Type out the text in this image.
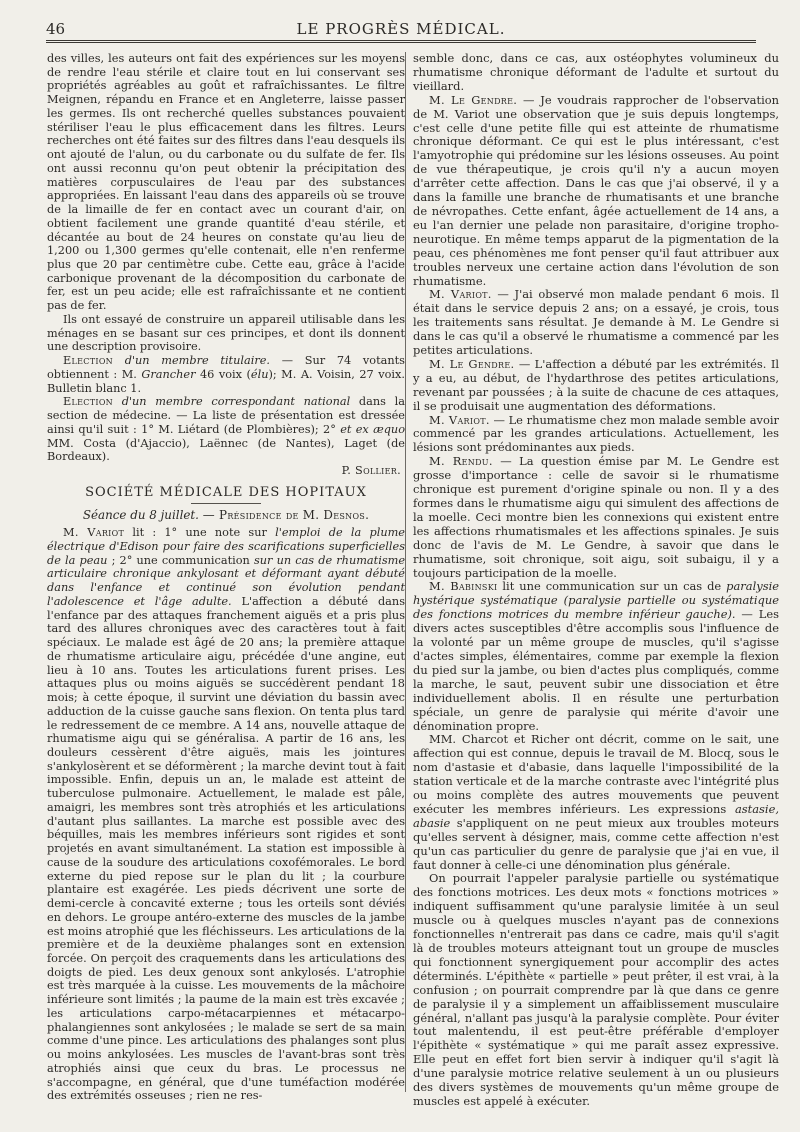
46	LE PROGRÈS MÉDICAL.

des villes, les auteurs ont fait des expériences sur les moyens de rendre l'eau stérile et claire tout en lui conservant ses propriétés agréables au goût et rafraîchissantes. Le filtre Meignen, répandu en France et en Angleterre, laisse passer les germes. Ils ont recherché quelles substances pouvaient stériliser l'eau le plus efficacement dans les filtres. Leurs recherches ont été faites sur des filtres dans l'eau desquels ils ont ajouté de l'alun, ou du carbonate ou du sulfate de fer. Ils ont aussi reconnu qu'on peut obtenir la précipitation des matières corpusculaires de l'eau par des substances appropriées. En laissant l'eau dans des appareils où se trouve de la limaille de fer en contact avec un courant d'air, on obtient facilement une grande quantité d'eau stérile, et décantée au bout de 24 heures on constate qu'au lieu de 1,200 ou 1,300 germes qu'elle contenait, elle n'en renferme plus que 20 par centimètre cube. Cette eau, grâce à l'acide carbonique provenant de la décomposition du carbonate de fer, est un peu acide; elle est rafraîchissante et ne contient pas de fer.

Ils ont essayé de construire un appareil utilisable dans les ménages en se basant sur ces principes, et dont ils donnent une description provisoire.

Election d'un membre titulaire. — Sur 74 votants obtiennent : M. Grancher 46 voix (élu); M. A. Voisin, 27 voix. Bulletin blanc 1.

Election d'un membre correspondant national dans la section de médecine. — La liste de présentation est dressée ainsi qu'il suit : 1° M. Liétard (de Plombières); 2° et ex æquo MM. Costa (d'Ajaccio), Laënnec (de Nantes), Laget (de Bordeaux).

P. Sollier.
SOCIÉTÉ MÉDICALE DES HOPITAUX
Séance du 8 juillet. — Présidence de M. Desnos.

M. Variot lit : 1° une note sur l'emploi de la plume électrique d'Edison pour faire des scarifications superficielles de la peau ; 2° une communication sur un cas de rhumatisme articulaire chronique ankylosant et déformant ayant débuté dans l'enfance et continué son évolution pendant l'adolescence et l'âge adulte. L'affection a débuté dans l'enfance par des attaques franchement aiguës et a pris plus tard des allures chroniques avec des caractères tout à fait spéciaux. Le malade est âgé de 20 ans; la première attaque de rhumatisme articulaire aigu, précédée d'une angine, eut lieu à 10 ans. Toutes les articulations furent prises. Les attaques plus ou moins aiguës se succédèrent pendant 18 mois; à cette époque, il survint une déviation du bassin avec adduction de la cuisse gauche sans flexion. On tenta plus tard le redressement de ce membre. A 14 ans, nouvelle attaque de rhumatisme aigu qui se généralisa. A partir de 16 ans, les douleurs cessèrent d'être aiguës, mais les jointures s'ankylosèrent et se déformèrent ; la marche devint tout à fait impossible. Enfin, depuis un an, le malade est atteint de tuberculose pulmonaire. Actuellement, le malade est pâle, amaigri, les membres sont très atrophiés et les articulations d'autant plus saillantes. La marche est possible avec des béquilles, mais les membres inférieurs sont rigides et sont projetés en avant simultanément. La station est impossible à cause de la soudure des articulations coxofémorales. Le bord externe du pied repose sur le plan du lit ; la courbure plantaire est exagérée. Les pieds décrivent une sorte de demi-cercle à concavité externe ; tous les orteils sont déviés en dehors. Le groupe antéro-externe des muscles de la jambe est moins atrophié que les fléchisseurs. Les articulations de la première et de la deuxième phalanges sont en extension forcée. On perçoit des craquements dans les articulations des doigts de pied. Les deux genoux sont ankylosés. L'atrophie est très marquée à la cuisse. Les mouvements de la mâchoire inférieure sont limités ; la paume de la main est très excavée ; les articulations carpo-métacarpiennes et métacarpo-phalangiennes sont ankylosées ; le malade se sert de sa main comme d'une pince. Les articulations des phalanges sont plus ou moins ankylosées. Les muscles de l'avant-bras sont très atrophiés ainsi que ceux du bras. Le processus ne s'accompagne, en général, que d'une tuméfaction modérée des extrémités osseuses ; rien ne res-

semble donc, dans ce cas, aux ostéophytes volumineux du rhumatisme chronique déformant de l'adulte et surtout du vieillard.

M. Le Gendre. — Je voudrais rapprocher de l'observation de M. Variot une observation que je suis depuis longtemps, c'est celle d'une petite fille qui est atteinte de rhumatisme chronique déformant. Ce qui est le plus intéressant, c'est l'amyotrophie qui prédomine sur les lésions osseuses. Au point de vue thérapeutique, je crois qu'il n'y a aucun moyen d'arrêter cette affection. Dans le cas que j'ai observé, il y a dans la famille une branche de rhumatisants et une branche de névropathes. Cette enfant, âgée actuellement de 14 ans, a eu l'an dernier une pelade non parasitaire, d'origine tropho-neurotique. En même temps apparut de la pigmentation de la peau, ces phénomènes me font penser qu'il faut attribuer aux troubles nerveux une certaine action dans l'évolution de son rhumatisme.

M. Variot. — J'ai observé mon malade pendant 6 mois. Il était dans le service depuis 2 ans; on a essayé, je crois, tous les traitements sans résultat. Je demande à M. Le Gendre si dans le cas qu'il a observé le rhumatisme a commencé par les petites articulations.

M. Le Gendre. — L'affection a débuté par les extrémités. Il y a eu, au début, de l'hydarthrose des petites articulations, revenant par poussées ; à la suite de chacune de ces attaques, il se produisait une augmentation des déformations.

M. Variot. — Le rhumatisme chez mon malade semble avoir commencé par les grandes articulations. Actuellement, les lésions sont prédominantes aux pieds.

M. Rendu. — La question émise par M. Le Gendre est grosse d'importance : celle de savoir si le rhumatisme chronique est purement d'origine spinale ou non. Il y a des formes dans le rhumatisme aigu qui simulent des affections de la moelle. Ceci montre bien les connexions qui existent entre les affections rhumatismales et les affections spinales. Je suis donc de l'avis de M. Le Gendre, à savoir que dans le rhumatisme, soit chronique, soit aigu, soit subaigu, il y a toujours participation de la moelle.

M. Babinski lit une communication sur un cas de paralysie hystérique systématique (paralysie partielle ou systématique des fonctions motrices du membre inférieur gauche). — Les divers actes susceptibles d'être accomplis sous l'influence de la volonté par un même groupe de muscles, qu'il s'agisse d'actes simples, élémentaires, comme par exemple la flexion du pied sur la jambe, ou bien d'actes plus compliqués, comme la marche, le saut, peuvent subir une dissociation et être individuellement abolis. Il en résulte une perturbation spéciale, un genre de paralysie qui mérite d'avoir une dénomination propre.

MM. Charcot et Richer ont décrit, comme on le sait, une affection qui est connue, depuis le travail de M. Blocq, sous le nom d'astasie et d'abasie, dans laquelle l'impossibilité de la station verticale et de la marche contraste avec l'intégrité plus ou moins complète des autres mouvements que peuvent exécuter les membres inférieurs. Les expressions astasie, abasie s'appliquent on ne peut mieux aux troubles moteurs qu'elles servent à désigner, mais, comme cette affection n'est qu'un cas particulier du genre de paralysie que j'ai en vue, il faut donner à celle-ci une dénomination plus générale.

On pourrait l'appeler paralysie partielle ou systématique des fonctions motrices. Les deux mots « fonctions motrices » indiquent suffisamment qu'une paralysie limitée à un seul muscle ou à quelques muscles n'ayant pas de connexions fonctionnelles n'entrerait pas dans ce cadre, mais qu'il s'agit là de troubles moteurs atteignant tout un groupe de muscles qui fonctionnent synergiquement pour accomplir des actes déterminés. L'épithète « partielle » peut prêter, il est vrai, à la confusion ; on pourrait comprendre par là que dans ce genre de paralysie il y a simplement un affaiblissement musculaire général, n'allant pas jusqu'à la paralysie complète. Pour éviter tout malentendu, il est peut-être préférable d'employer l'épithète « systématique » qui me paraît assez expressive. Elle peut en effet fort bien servir à indiquer qu'il s'agit là d'une paralysie motrice relative seulement à un ou plusieurs des divers systèmes de mouvements qu'un même groupe de muscles est appelé à exécuter.
